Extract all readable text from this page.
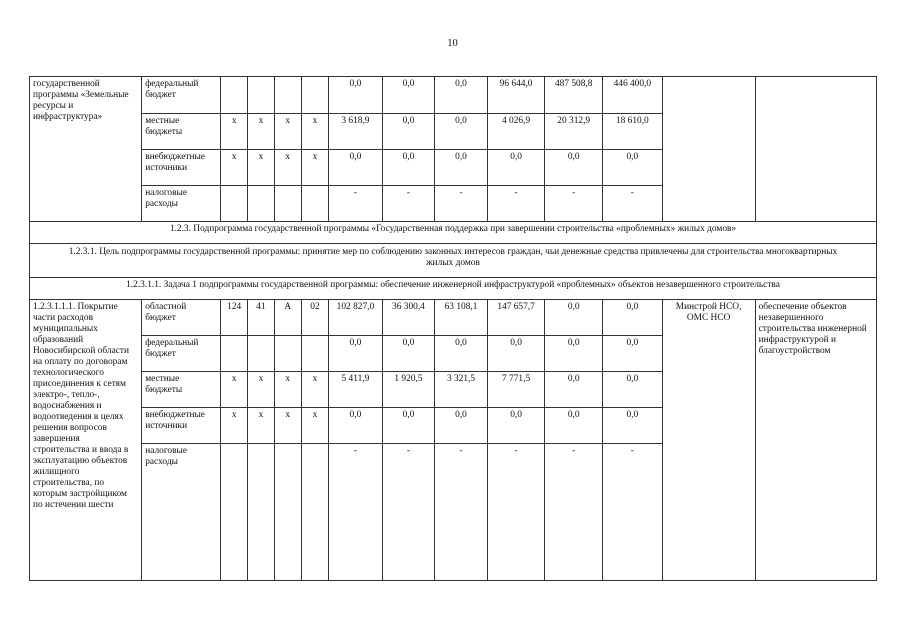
10
государственной программы «Земельные ресурсы и инфраструктура»	федеральный бюджет					0,0	0,0	0,0	96 644,0	487 508,8	446 400,0		
	местные бюджеты	х	х	х	х	3 618,9	0,0	0,0	4 026,9	20 312,9	18 610,0		
	внебюджетные источники	х	х	х	х	0,0	0,0	0,0	0,0	0,0	0,0		
	налоговые расходы					-	-	-	-	-	-		
1.2.3. Подпрограмма государственной программы «Государственная поддержка при завершении строительства «проблемных» жилых домов»													
1.2.3.1. Цель подпрограммы государственной программы: принятие мер по соблюдению законных интересов граждан, чьи денежные средства привлечены для строительства многоквартирных жилых домов													
1.2.3.1.1. Задача 1 подпрограммы государственной программы: обеспечение инженерной инфраструктурой «проблемных» объектов незавершенного строительства													
1.2.3.1.1.1. Покрытие части расходов муниципальных образований Новосибирской области на оплату по договорам технологического присоединения к сетям электро-, тепло-, водоснабжения и водоотведения в целях решения вопросов завершения строительства и ввода в эксплуатацию объектов жилищного строительства, по которым застройщиком по истечении шести	областной бюджет	124	41	А	02	102 827,0	36 300,4	63 108,1	147 657,7	0,0	0,0	Минстрой НСО, ОМС НСО	обеспечение объектов незавершенного строительства инженерной инфраструктурой и благоустройством
	федеральный бюджет					0,0	0,0	0,0	0,0	0,0	0,0		
	местные бюджеты	х	х	х	х	5 411,9	1 920,5	3 321,5	7 771,5	0,0	0,0		
	внебюджетные источники	х	х	х	х	0,0	0,0	0,0	0,0	0,0	0,0		
	налоговые расходы					-	-	-	-	-	-		
